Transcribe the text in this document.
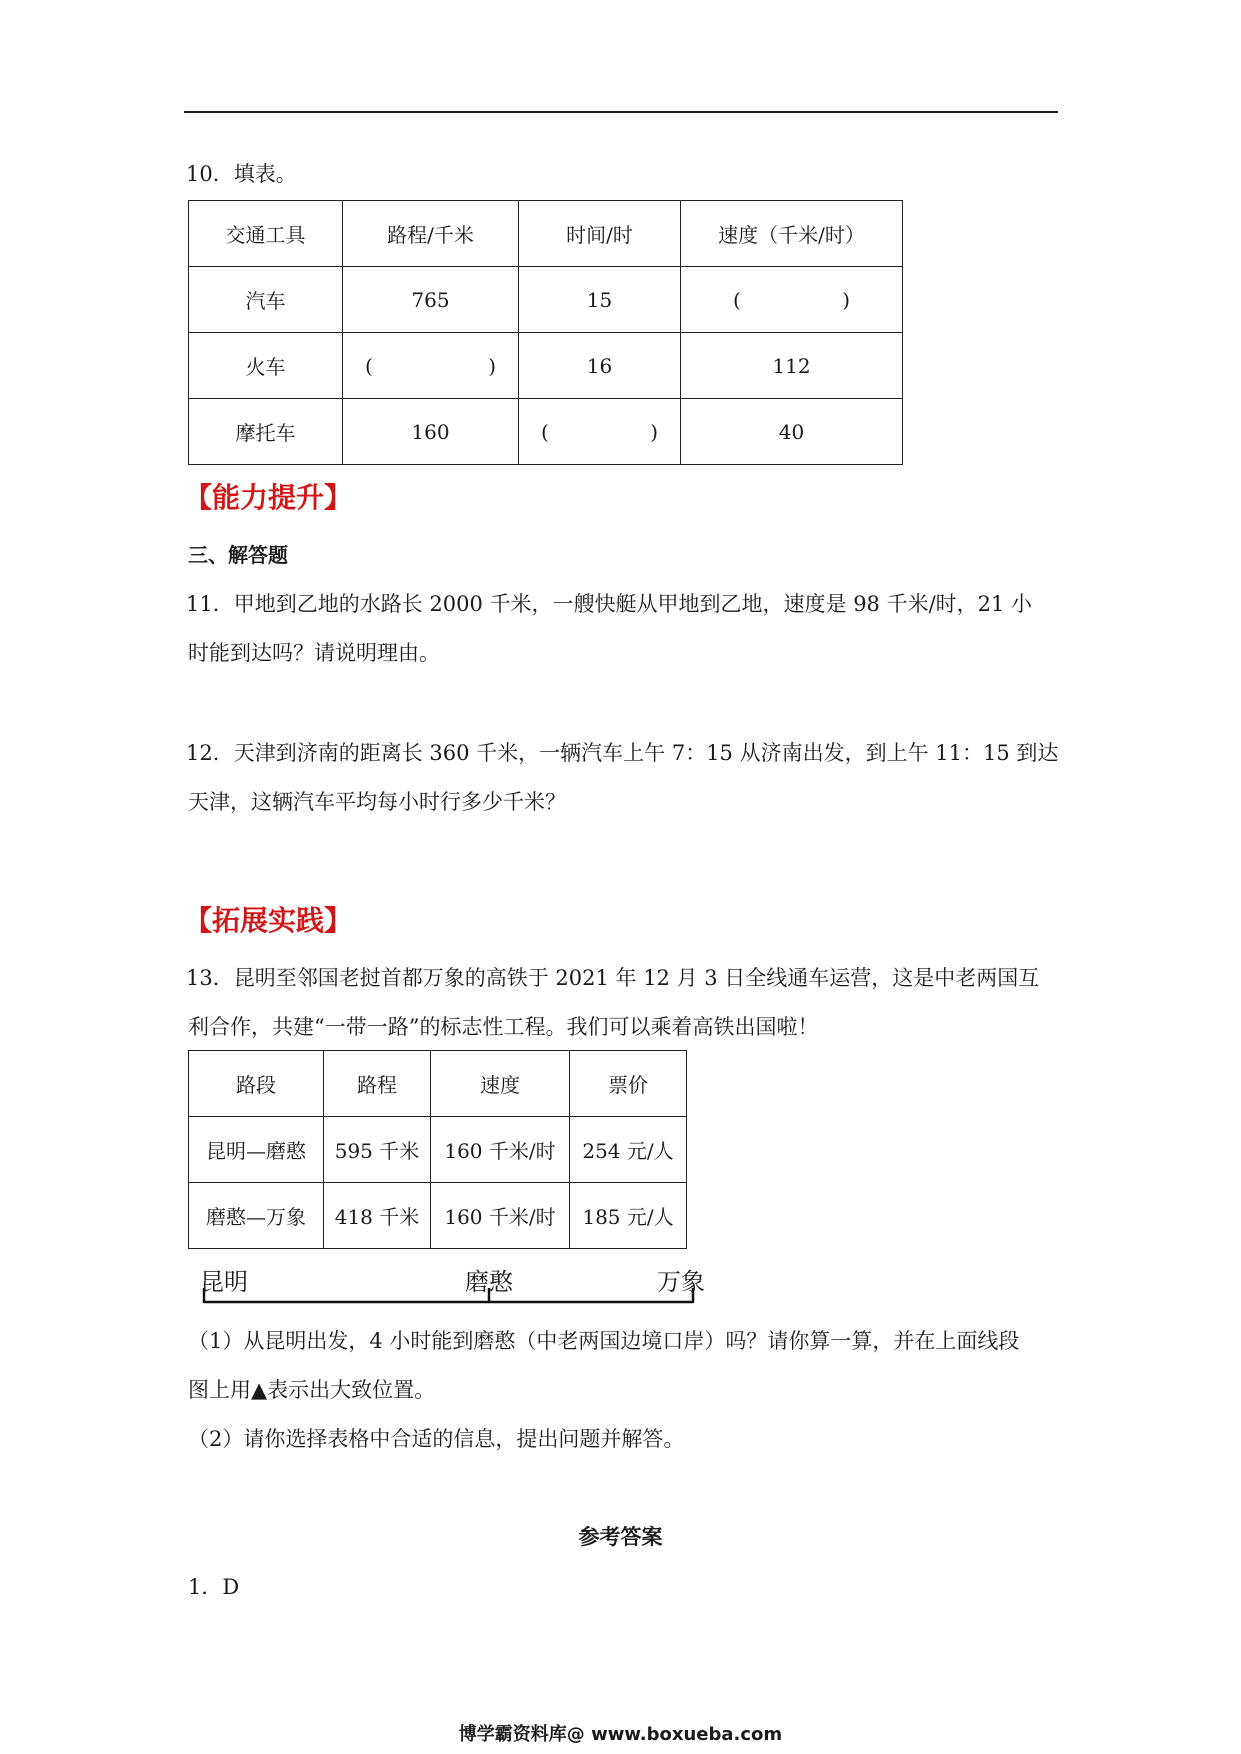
10．填表。
交通工具	路程/千米	时间/时	速度（千米/时）
汽车	765	15	( )

火车	( )	16	112
摩托车	160	( )	40
【能力提升】
三、解答题
11．甲地到乙地的水路长 2000 千米，一艘快艇从甲地到乙地，速度是 98 千米/时，21 小
时能到达吗？请说明理由。
12．天津到济南的距离长 360 千米，一辆汽车上午 7：15 从济南出发，到上午 11：15 到达
天津，这辆汽车平均每小时行多少千米？
【拓展实践】
13．昆明至邻国老挝首都万象的高铁于 2021 年 12 月 3 日全线通车运营，这是中老两国互
利合作，共建“一带一路”的标志性工程。我们可以乘着高铁出国啦！
路段	路程	速度	票价
昆明—磨憨	595 千米	160 千米/时	254 元/人
磨憨—万象	418 千米	160 千米/时	185 元/人
昆明	磨憨	万象
（1）从昆明出发，4 小时能到磨憨（中老两国边境口岸）吗？请你算一算，并在上面线段
图上用▲表示出大致位置。
（2）请你选择表格中合适的信息，提出问题并解答。
参考答案
1．D
博学霸资料库@ www.boxueba.com
